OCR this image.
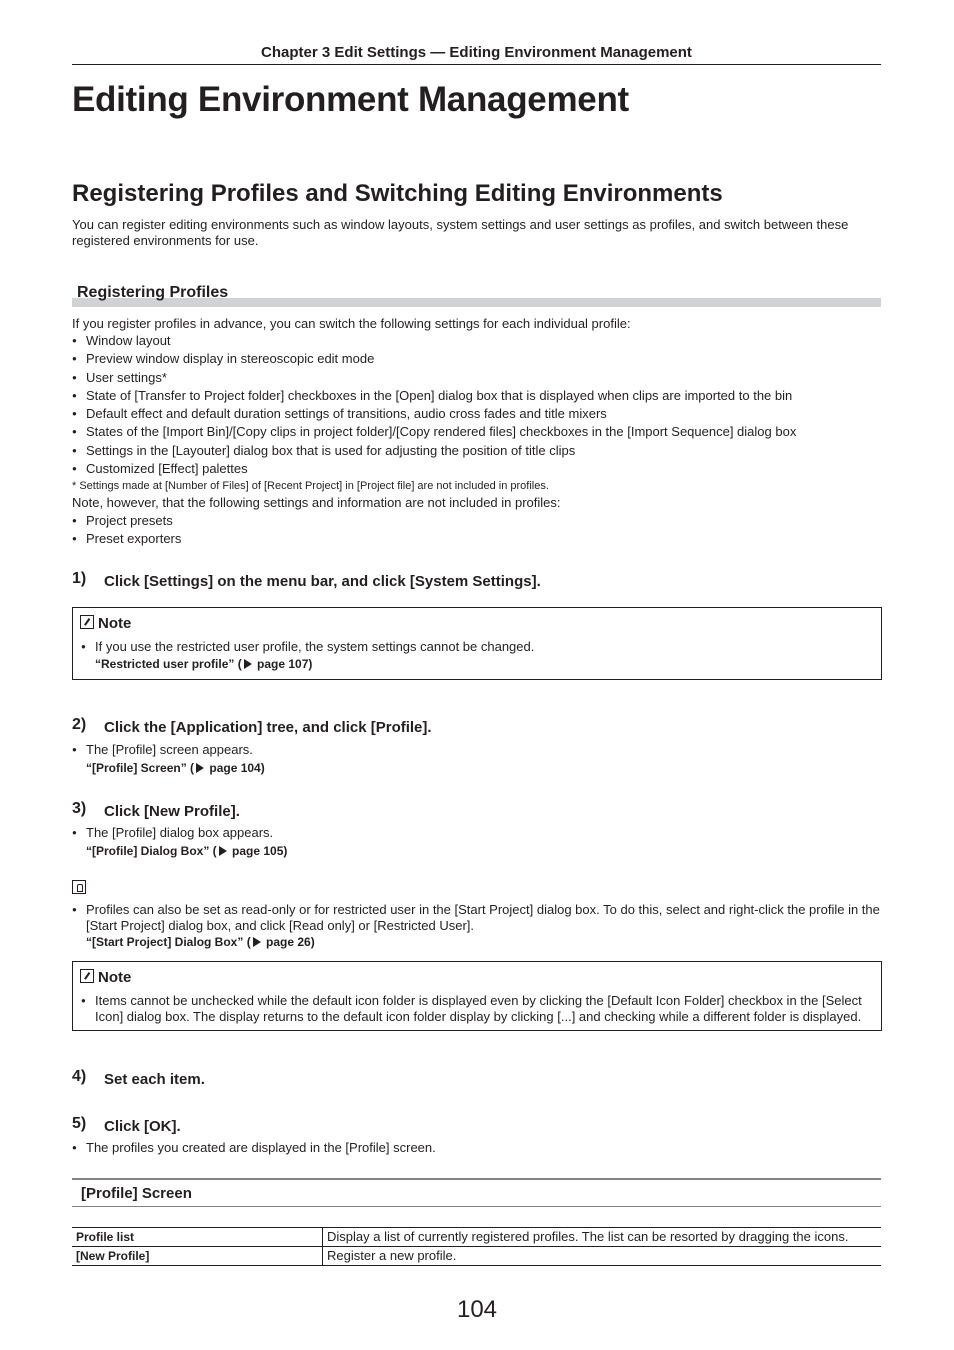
Chapter 3 Edit Settings — Editing Environment Management
Editing Environment Management
Registering Profiles and Switching Editing Environments
You can register editing environments such as window layouts, system settings and user settings as profiles, and switch between these registered environments for use.
Registering Profiles
If you register profiles in advance, you can switch the following settings for each individual profile:
● Window layout
● Preview window display in stereoscopic edit mode
● User settings*
● State of [Transfer to Project folder] checkboxes in the [Open] dialog box that is displayed when clips are imported to the bin
● Default effect and default duration settings of transitions, audio cross fades and title mixers
● States of the [Import Bin]/[Copy clips in project folder]/[Copy rendered files] checkboxes in the [Import Sequence] dialog box
● Settings in the [Layouter] dialog box that is used for adjusting the position of title clips
● Customized [Effect] palettes
* Settings made at [Number of Files] of [Recent Project] in [Project file] are not included in profiles.
Note, however, that the following settings and information are not included in profiles:
● Project presets
● Preset exporters
1) Click [Settings] on the menu bar, and click [System Settings].
Note
● If you use the restricted user profile, the system settings cannot be changed.
“Restricted user profile” ( page 107)
2) Click the [Application] tree, and click [Profile].
● The [Profile] screen appears.
“[Profile] Screen” ( page 104)
3) Click [New Profile].
● The [Profile] dialog box appears.
“[Profile] Dialog Box” ( page 105)
● Profiles can also be set as read-only or for restricted user in the [Start Project] dialog box. To do this, select and right-click the profile in the [Start Project] dialog box, and click [Read only] or [Restricted User].
“[Start Project] Dialog Box” ( page 26)
Note
● Items cannot be unchecked while the default icon folder is displayed even by clicking the [Default Icon Folder] checkbox in the [Select Icon] dialog box. The display returns to the default icon folder display by clicking [...] and checking while a different folder is displayed.
4) Set each item.
5) Click [OK].
● The profiles you created are displayed in the [Profile] screen.
[Profile] Screen
Profile list	Display a list of currently registered profiles. The list can be resorted by dragging the icons.
[New Profile]	Register a new profile.
104
